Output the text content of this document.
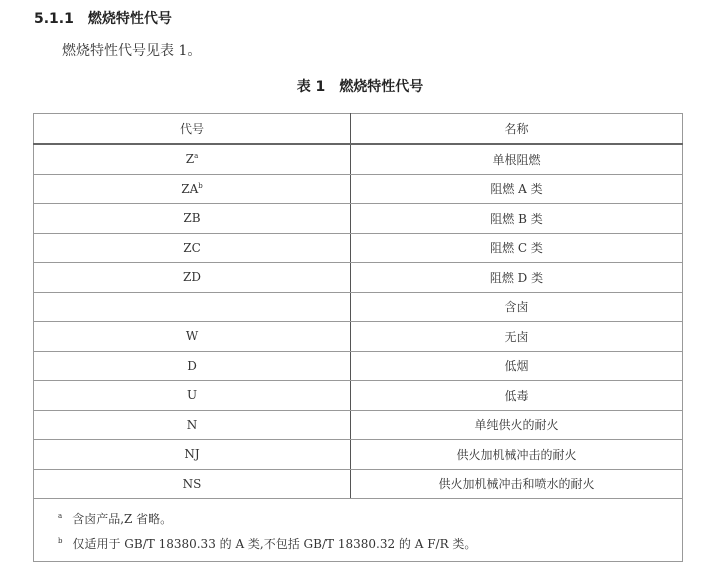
5.1.1 燃烧特性代号
燃烧特性代号见表 1。
表 1 燃烧特性代号
代号	名称
$Z^a$	单根阻燃
$ZA^b$	阻燃 A 类
ZB	阻燃 B 类
ZC	阻燃 C 类
ZD	阻燃 D 类
	含卤
W	无卤
D	低烟
U	低毒
N	单纯供火的耐火
NJ	供火加机械冲击的耐火
NS	供火加机械冲击和喷水的耐火

$^a$ 含卤产品,Z 省略。
$^b$ 仅适用于 GB/T 18380.33 的 A 类,不包括 GB/T 18380.32 的 A F/R 类。	
